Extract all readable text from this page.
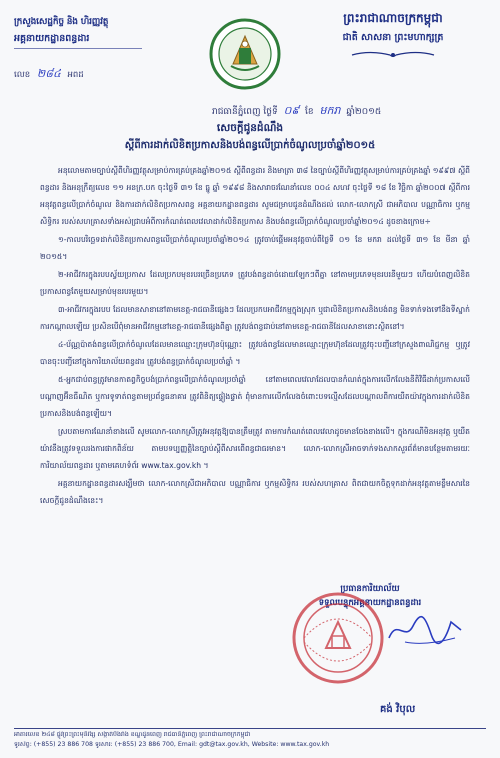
ក្រសួងសេដ្ឋកិច្ច និង ហិរញ្ញវត្ថុ
អគ្គនាយកដ្ឋានពន្ធដារ
លេខ ២៨៤ អពដ
ព្រះរាជាណាចក្រកម្ពុជា
ជាតិ សាសនា ព្រះមហាក្សត្រ
រាជធានីភ្នំពេញ ថ្ងៃទី ០៩ ខែ មករា ឆ្នាំ២០១៥
សេចក្តីជូនដំណឹង
ស្តីពីការដាក់លិខិតប្រកាសនិងបង់ពន្ធលើប្រាក់ចំណូលប្រចាំឆ្នាំ២០១៥

អនុលោមតាមច្បាប់ស្តីពីហិរញ្ញវត្ថុសម្រាប់ការគ្រប់គ្រងឆ្នាំ២០១៥ ស្តីពីពន្ធដារ និងមាត្រា ៣៨ នៃច្បាប់ស្តីពីហិរញ្ញវត្ថុសម្រាប់ការគ្រប់គ្រងឆ្នាំ ១៩៩៧ ស្តីពីពន្ធដារ និងអនុក្រឹត្យលេខ ១១ អនក្រ.បក ចុះថ្ងៃទី ៣១ ខែ ធ្នូ ឆ្នាំ ១៩៩៨ និងសារាចរណែនាំលេខ ០០៤ សហវ ចុះថ្ងៃទី ១៨ ខែ វិច្ឆិកា ឆ្នាំ២០០៧ ស្តីពីការអនុវត្តពន្ធលើប្រាក់ចំណូល និងការដាក់លិខិតប្រកាសពន្ធ អគ្គនាយកដ្ឋានពន្ធដារ សូមជម្រាបជូនដំណឹងដល់ លោក-លោកស្រី ជាអភិបាល បណ្ណាធិការ ឬកម្មសិទ្ធិករ របស់សហគ្រាសទាំងអស់ជ្រាបអំពីការកំណត់ពេលវេលាដាក់លិខិតប្រកាស និងបង់ពន្ធលើប្រាក់ចំណូលប្រចាំឆ្នាំ២០១៤ ដូចខាងក្រោម÷

១-កាលបរិច្ឆេទដាក់លិខិតប្រកាសពន្ធលើប្រាក់ចំណូលប្រចាំឆ្នាំ២០១៤ ត្រូវចាប់ផ្តើមអនុវត្តចាប់ពីថ្ងៃទី ០១ ខែ មករា ដល់ថ្ងៃទី ៣១ ខែ មីនា ឆ្នាំ ២០១៥។

២-អាជីវករក្នុងរបបស្វ័យប្រកាស ដែលប្រកបមុខរបរច្រើនប្រភេទ ត្រូវបង់ពន្ធដាច់ដោយឡែកៗពីគ្នា នៅតាមប្រភេទមុខរបរនីមួយៗ ហើយបំពេញលិខិតប្រកាសពន្ធតែមួយសម្រាប់មុខរបរមួយ។

៣-អាជីវករក្នុងរបប ដែលមានសាខានៅតាមខេត្ត-រាជធានីផ្សេងៗ ដែលប្រកបអាជីវកម្មក្នុងស្រុក ឬជាលិខិតប្រកាសនិងបង់ពន្ធ មិនទាក់ទងទៅនឹងទីស្នាក់ការកណ្តាលឡើយ ប្រសិនបើពុំមានអាជីវកម្មនៅខេត្ត-រាជធានីផ្សេងពីគ្នា ត្រូវបង់ពន្ធជាប់នៅតាមខេត្ត-រាជធានីដែលសាខានោះស្ថិតនៅ។

៤-ប័ណ្ណប៉ាតង់ពន្ធលើប្រាក់ចំណូលដែលមានឈ្មោះក្រុមហ៊ុនប៉ុណ្ណោះ ត្រូវបង់ពន្ធដែលមានឈ្មោះក្រុមហ៊ុនដែលត្រូវចុះបញ្ជីនៅក្រសួងពាណិជ្ជកម្ម ឬត្រូវបានចុះបញ្ជីនៅក្នុងការិយាល័យពន្ធដារ ត្រូវបង់ពន្ធប្រាក់ចំណូលប្រចាំឆ្នាំ ។

៥-អ្នកជាប់ពន្ធត្រូវមានកាតព្វកិច្ចបង់ប្រាក់ពន្ធលើប្រាក់ចំណូលប្រចាំឆ្នាំ នៅតាមពេលវេលាដែលបានកំណត់ក្នុងការលើកលែងនីតិវិធីដាក់ប្រកាសលើបណ្តាញអ៊ីនធឺណិត ឬការទូទាត់ពន្ធតាមប្រព័ន្ធធនាគារ ត្រូវពិនិត្យផ្ទៀងផ្ទាត់ ពុំមានការលើកលែងចំពោះបទល្មើសដែលបណ្តាលពីការយឺតយ៉ាវក្នុងការដាក់លិខិតប្រកាសនិងបង់ពន្ធឡើយ។

ស្របតាមការណែនាំខាងលើ សូមលោក-លោកស្រីត្រូវអនុវត្តឱ្យបានត្រឹមត្រូវ តាមការកំណត់ពេលវេលាដូចមានចែងខាងលើ។ ក្នុងករណីមិនអនុវត្ត ឬយឺតយ៉ាវនឹងត្រូវទទួលរងការផាកពិន័យ តាមបទប្បញ្ញត្តិនៃច្បាប់ស្តីពីសារពើពន្ធជាធរមាន។ លោក-លោកស្រីអាចទាក់ទងសាកសួរព័ត៌មានបន្ថែមតាមរយៈការិយាល័យពន្ធដារ ឬតាមគេហទំព័រ www.tax.gov.kh ។

អគ្គនាយកដ្ឋានពន្ធដារសង្ឃឹមថា លោក-លោកស្រីជាអភិបាល បណ្ណាធិការ ឬកម្មសិទ្ធិករ របស់សហគ្រាស ពិតជាយកចិត្តទុកដាក់អនុវត្តតាមខ្លឹមសារនៃសេចក្តីជូនដំណឹងនេះ។

ប្រធានការិយាល័យ
ទទួលបន្ទុកអគ្គនាយកដ្ឋានពន្ធដារ
គង់ វិបុល
អាគារលេខ ២៤៨ ផ្លូវព្រះព្រះមុនីវង្ស សង្កាត់បឹងរាំង ខណ្ឌដូនពេញ រាជធានីភ្នំពេញ ព្រះរាជាណាចក្រកម្ពុជា
ទូរស័ព្ទ: (+855) 23 886 708 ទូរសារ: (+855) 23 886 700, Email: gdt@tax.gov.kh, Website: www.tax.gov.kh
